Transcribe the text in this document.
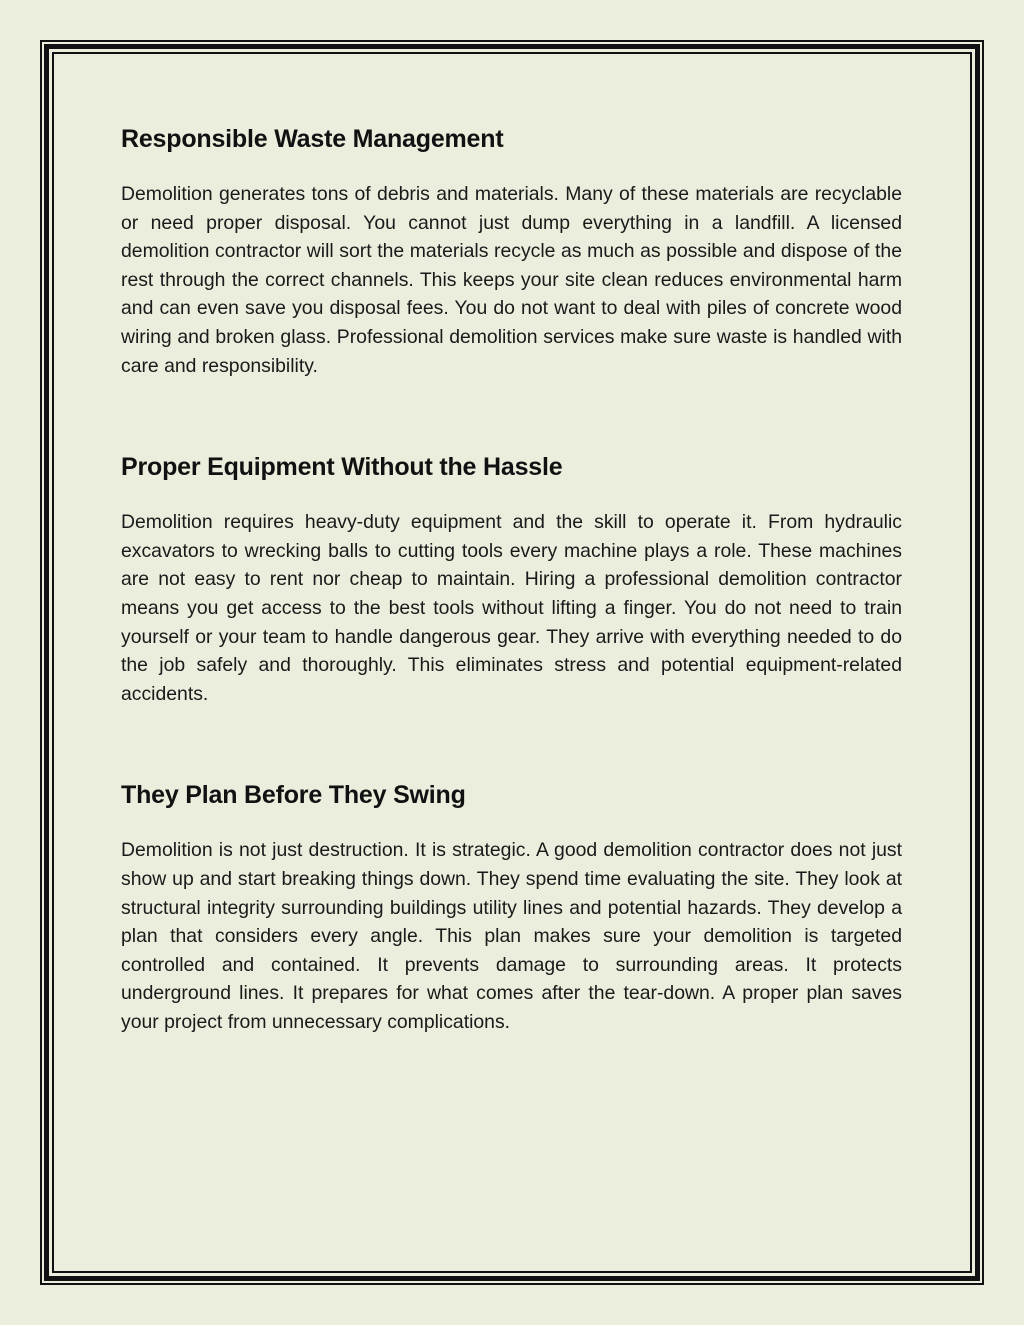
Responsible Waste Management

Demolition generates tons of debris and materials. Many of these materials are recyclable or need proper disposal. You cannot just dump everything in a landfill. A licensed demolition contractor will sort the materials recycle as much as possible and dispose of the rest through the correct channels. This keeps your site clean reduces environmental harm and can even save you disposal fees. You do not want to deal with piles of concrete wood wiring and broken glass. Professional demolition services make sure waste is handled with care and responsibility.

Proper Equipment Without the Hassle

Demolition requires heavy-duty equipment and the skill to operate it. From hydraulic excavators to wrecking balls to cutting tools every machine plays a role. These machines are not easy to rent nor cheap to maintain. Hiring a professional demolition contractor means you get access to the best tools without lifting a finger. You do not need to train yourself or your team to handle dangerous gear. They arrive with everything needed to do the job safely and thoroughly. This eliminates stress and potential equipment-related accidents.

They Plan Before They Swing

Demolition is not just destruction. It is strategic. A good demolition contractor does not just show up and start breaking things down. They spend time evaluating the site. They look at structural integrity surrounding buildings utility lines and potential hazards. They develop a plan that considers every angle. This plan makes sure your demolition is targeted controlled and contained. It prevents damage to surrounding areas. It protects underground lines. It prepares for what comes after the tear-down. A proper plan saves your project from unnecessary complications.
